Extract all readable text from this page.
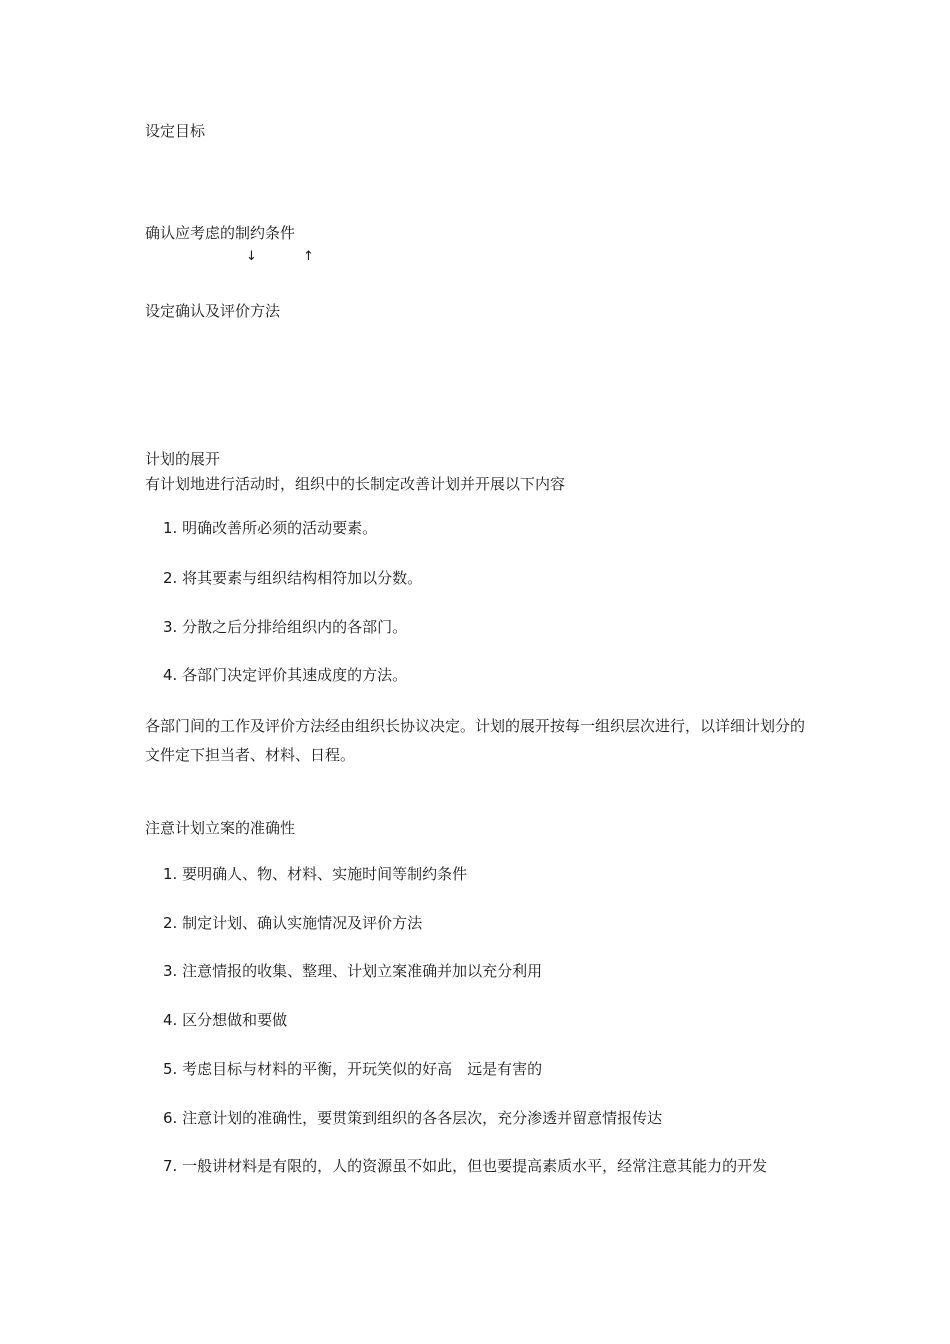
设定目标
确认应考虑的制约条件
↓	↑
设定确认及评价方法
计划的展开
有计划地进行活动时，组织中的长制定改善计划并开展以下内容
1. 明确改善所必须的活动要素。
2. 将其要素与组织结构相符加以分数。
3. 分散之后分排给组织内的各部门。
4. 各部门决定评价其速成度的方法。
各部门间的工作及评价方法经由组织长协议决定。计划的展开按每一组织层次进行，以详细计划分的文件定下担当者、材料、日程。
注意计划立案的准确性
1. 要明确人、物、材料、实施时间等制约条件
2. 制定计划、确认实施情况及评价方法
3. 注意情报的收集、整理、计划立案准确并加以充分利用
4. 区分想做和要做
5. 考虑目标与材料的平衡，开玩笑似的好高　远是有害的
6. 注意计划的准确性，要贯策到组织的各各层次，充分渗透并留意情报传达
7. 一般讲材料是有限的，人的资源虽不如此，但也要提高素质水平，经常注意其能力的开发
